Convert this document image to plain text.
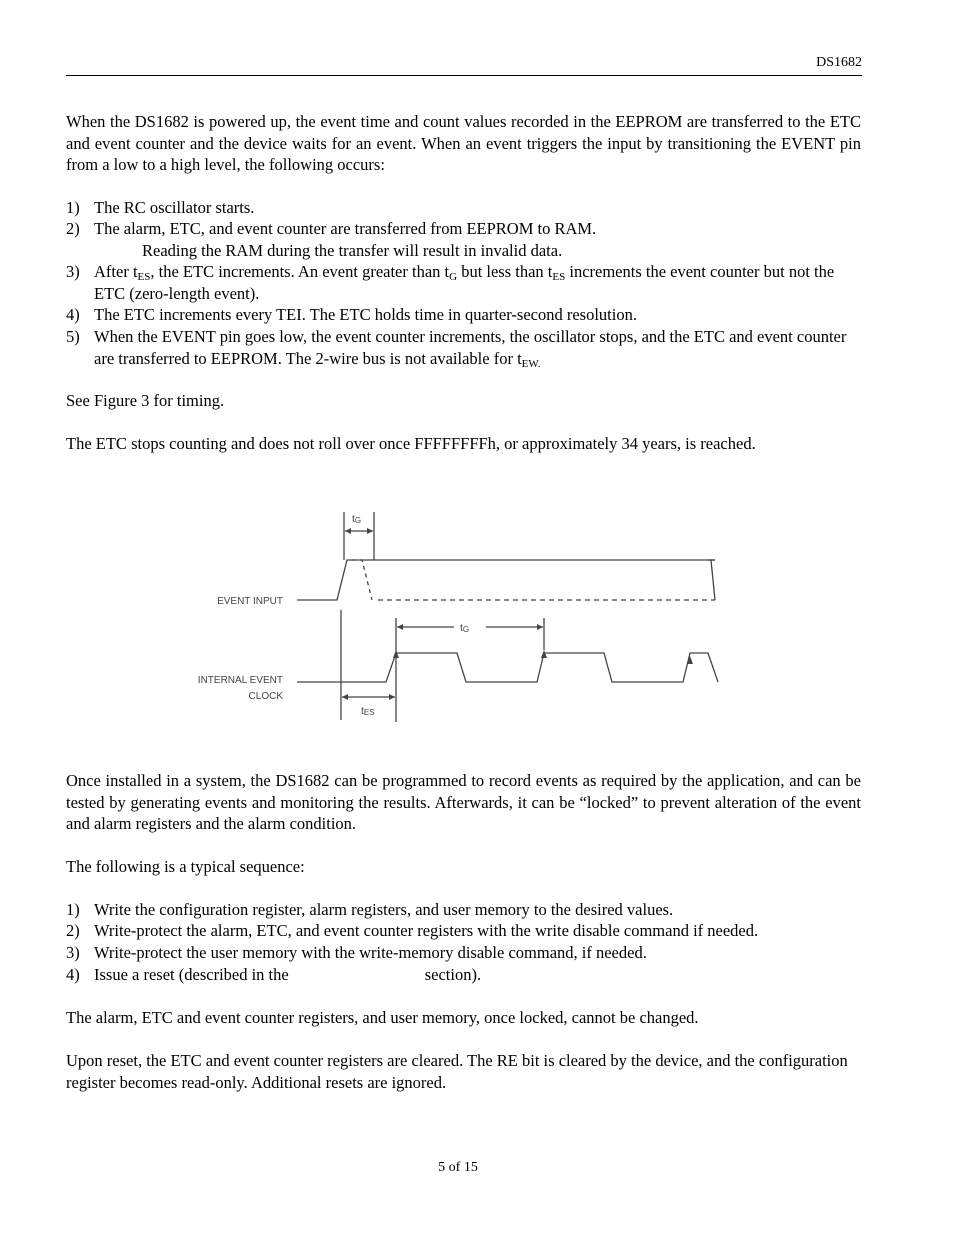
DS1682
When the DS1682 is powered up, the event time and count values recorded in the EEPROM are transferred to the ETC and event counter and the device waits for an event. When an event triggers the input by transitioning the EVENT pin from a low to a high level, the following occurs:
1) The RC oscillator starts.
2) The alarm, ETC, and event counter are transferred from EEPROM to RAM.
Reading the RAM during the transfer will result in invalid data.
3) After $t_{ES}$, the ETC increments. An event greater than $t_G$ but less than $t_{ES}$ increments the event counter but not the ETC (zero-length event).
4) The ETC increments every TEI. The ETC holds time in quarter-second resolution.
5) When the EVENT pin goes low, the event counter increments, the oscillator stops, and the ETC and event counter are transferred to EEPROM. The 2-wire bus is not available for $t_{EW.}$
See Figure 3 for timing.
The ETC stops counting and does not roll over once FFFFFFFFh, or approximately 34 years, is reached.
tG
tG
tES
EVENT INPUT
INTERNAL EVENT
CLOCK
Once installed in a system, the DS1682 can be programmed to record events as required by the application, and can be tested by generating events and monitoring the results. Afterwards, it can be “locked” to prevent alteration of the event and alarm registers and the alarm condition.
The following is a typical sequence:
1) Write the configuration register, alarm registers, and user memory to the desired values.
2) Write-protect the alarm, ETC, and event counter registers with the write disable command if needed.
3) Write-protect the user memory with the write-memory disable command, if needed.
4) Issue a reset (described in the	section).
The alarm, ETC and event counter registers, and user memory, once locked, cannot be changed.
Upon reset, the ETC and event counter registers are cleared. The RE bit is cleared by the device, and the configuration register becomes read-only. Additional resets are ignored.
5 of 15
